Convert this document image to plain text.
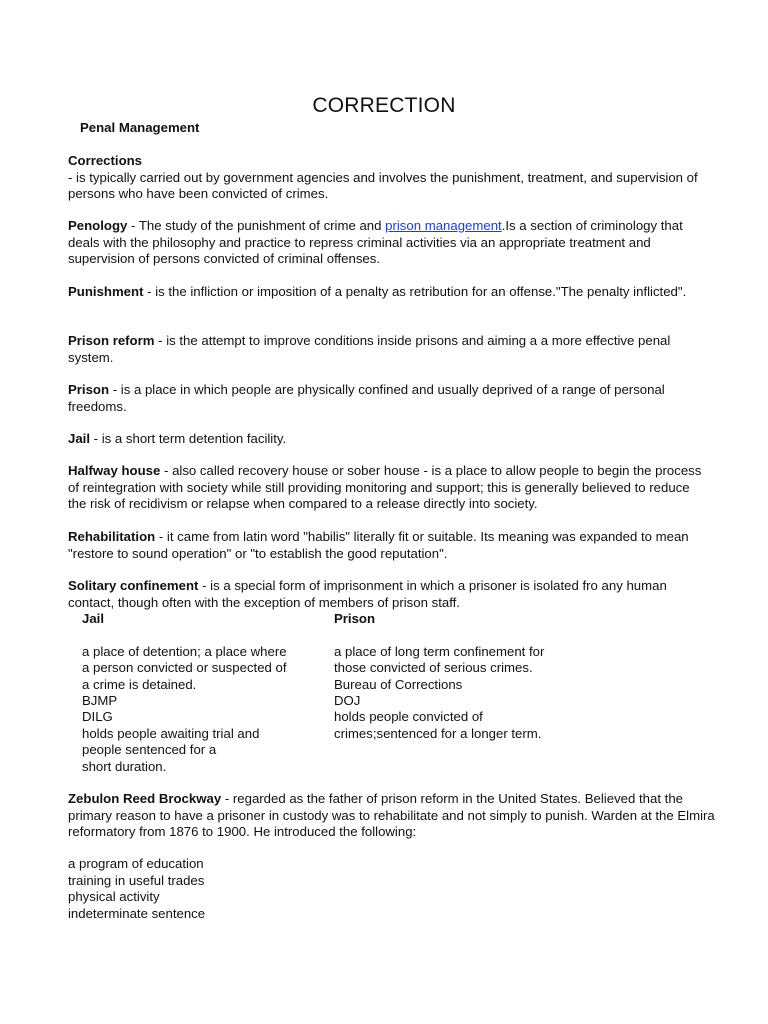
CORRECTION
Penal Management
Corrections
- is typically carried out by government agencies and involves the punishment, treatment, and supervision of persons who have been convicted of crimes.
Penology - The study of the punishment of crime and prison management.Is a section of criminology that deals with the philosophy and practice to repress criminal activities via an appropriate treatment and supervision of persons convicted of criminal offenses.
Punishment - is the infliction or imposition of a penalty as retribution for an offense."The penalty inflicted".
Prison reform - is the attempt to improve conditions inside prisons and aiming a a more effective penal system.
Prison - is a place in which people are physically confined and usually deprived of a range of personal freedoms.
Jail - is a short term detention facility.
Halfway house - also called recovery house or sober house - is a place to allow people to begin the process of reintegration with society while still providing monitoring and support; this is generally believed to reduce the risk of recidivism or relapse when compared to a release directly into society.
Rehabilitation - it came from latin word "habilis" literally fit or suitable. Its meaning was expanded to mean "restore to sound operation" or "to establish the good reputation".
Solitary confinement - is a special form of imprisonment in which a prisoner is isolated fro any human contact, though often with the exception of members of prison staff.
Jail
a place of detention; a place where
a person convicted or suspected of
a crime is detained.
BJMP
DILG
holds people awaiting trial and
people sentenced for a
short duration.
Prison
a place of long term confinement for
those convicted of serious crimes.
Bureau of Corrections
DOJ
holds people convicted of
crimes;sentenced for a longer term.
Zebulon Reed Brockway - regarded as the father of prison reform in the United States. Believed that the primary reason to have a prisoner in custody was to rehabilitate and not simply to punish. Warden at the Elmira reformatory from 1876 to 1900. He introduced the following:
a program of education
training in useful trades
physical activity
indeterminate sentence
